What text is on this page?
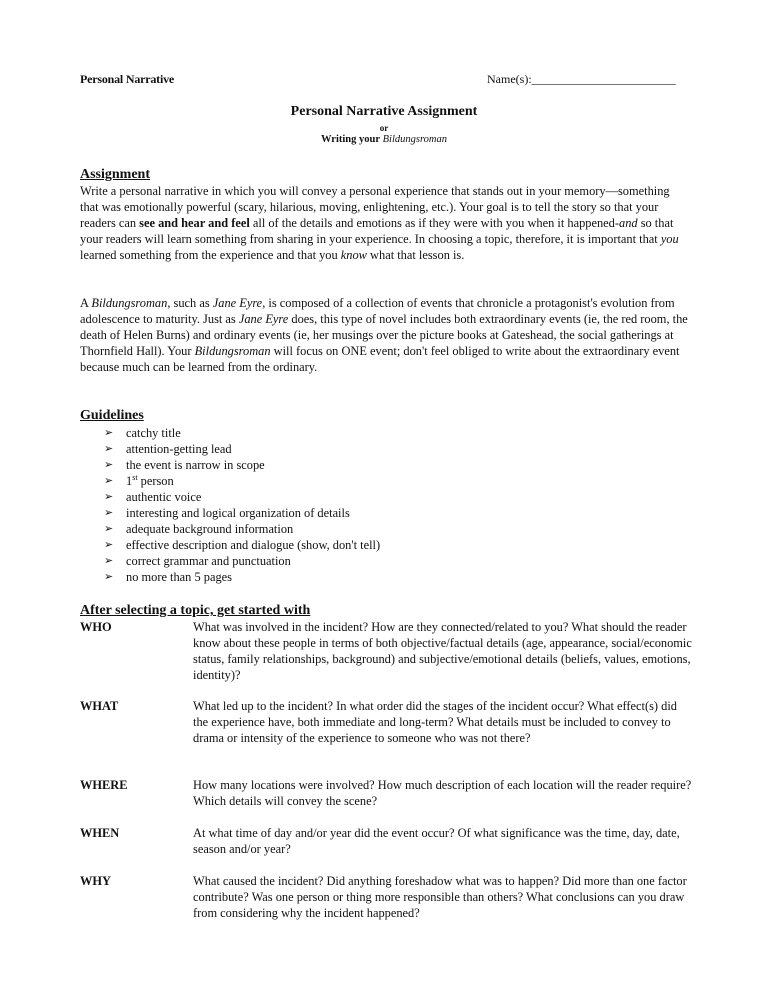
Personal Narrative	Name(s):________________________
Personal Narrative Assignment
or
Writing your Bildungsroman
Assignment

Write a personal narrative in which you will convey a personal experience that stands out in your memory—something that was emotionally powerful (scary, hilarious, moving, enlightening, etc.). Your goal is to tell the story so that your readers can see and hear and feel all of the details and emotions as if they were with you when it happened-and so that your readers will learn something from sharing in your experience. In choosing a topic, therefore, it is important that you learned something from the experience and that you know what that lesson is.

A Bildungsroman, such as Jane Eyre, is composed of a collection of events that chronicle a protagonist's evolution from adolescence to maturity. Just as Jane Eyre does, this type of novel includes both extraordinary events (ie, the red room, the death of Helen Burns) and ordinary events (ie, her musings over the picture books at Gateshead, the social gatherings at Thornfield Hall). Your Bildungsroman will focus on ONE event; don't feel obliged to write about the extraordinary event because much can be learned from the ordinary.

Guidelines
➢ catchy title
➢ attention-getting lead
➢ the event is narrow in scope
➢ 1st person
➢ authentic voice
➢ interesting and logical organization of details
➢ adequate background information
➢ effective description and dialogue (show, don't tell)
➢ correct grammar and punctuation
➢ no more than 5 pages
After selecting a topic, get started with
WHO	What was involved in the incident? How are they connected/related to you? What should the reader know about these people in terms of both objective/factual details (age, appearance, social/economic status, family relationships, background) and subjective/emotional details (beliefs, values, emotions, identity)?

WHAT	What led up to the incident? In what order did the stages of the incident occur? What effect(s) did the experience have, both immediate and long-term? What details must be included to convey to drama or intensity of the experience to someone who was not there?

WHERE	How many locations were involved? How much description of each location will the reader require? Which details will convey the scene?

WHEN	At what time of day and/or year did the event occur? Of what significance was the time, day, date, season and/or year?

WHY	What caused the incident? Did anything foreshadow what was to happen? Did more than one factor contribute? Was one person or thing more responsible than others? What conclusions can you draw from considering why the incident happened?
